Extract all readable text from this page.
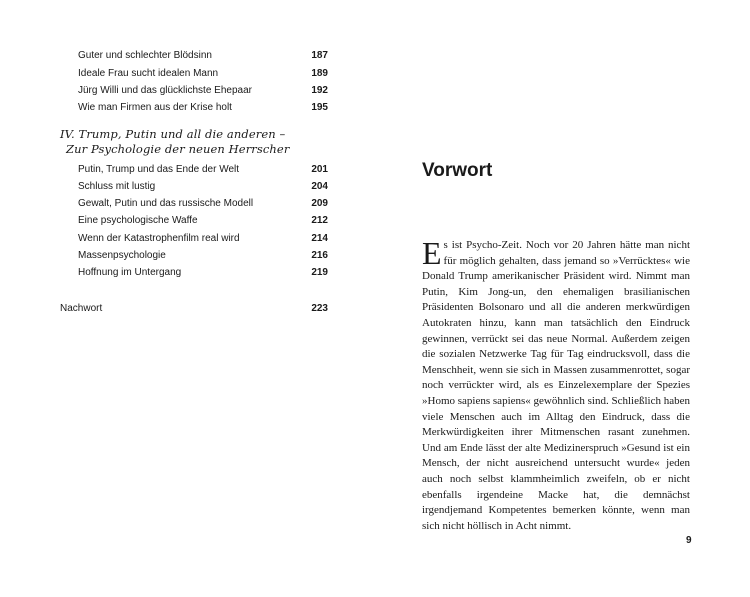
Guter und schlechter Blödsinn	187
Ideale Frau sucht idealen Mann	189
Jürg Willi und das glücklichste Ehepaar	192
Wie man Firmen aus der Krise holt	195
IV. Trump, Putin und all die anderen –
Zur Psychologie der neuen Herrscher
Putin, Trump und das Ende der Welt	201
Schluss mit lustig	204
Gewalt, Putin und das russische Modell	209
Eine psychologische Waffe	212
Wenn der Katastrophenfilm real wird	214
Massenpsychologie	216
Hoffnung im Untergang	219
Nachwort	223
Vorwort
Es ist Psycho-Zeit. Noch vor 20 Jahren hätte man nicht für möglich gehalten, dass jemand so »Verrücktes« wie Donald Trump amerikanischer Präsident wird. Nimmt man Putin, Kim Jong-un, den ehemaligen brasilianischen Präsidenten Bolsonaro und all die anderen merkwürdigen Autokraten hinzu, kann man tatsächlich den Eindruck gewinnen, verrückt sei das neue Normal. Außerdem zeigen die sozialen Netzwerke Tag für Tag eindrucksvoll, dass die Menschheit, wenn sie sich in Massen zusammenrottet, sogar noch verrückter wird, als es Einzelexemplare der Spezies »Homo sapiens sapiens« gewöhnlich sind. Schließlich haben viele Menschen auch im Alltag den Eindruck, dass die Merkwürdigkeiten ihrer Mitmenschen rasant zunehmen. Und am Ende lässt der alte Medizinerspruch »Gesund ist ein Mensch, der nicht ausreichend untersucht wurde« jeden auch noch selbst klammheimlich zweifeln, ob er nicht ebenfalls irgendeine Macke hat, die demnächst irgendjemand Kompetentes bemerken könnte, wenn man sich nicht höllisch in Acht nimmt.
9
